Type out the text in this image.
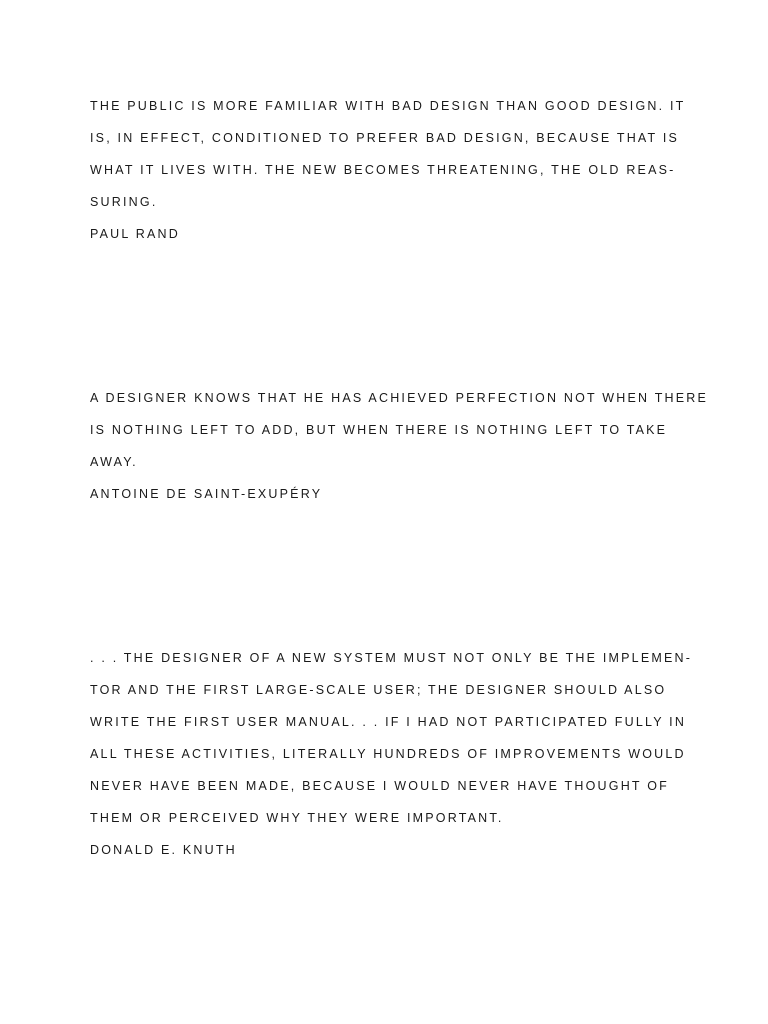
THE PUBLIC IS MORE FAMILIAR WITH BAD DESIGN THAN GOOD DESIGN. IT
IS, IN EFFECT, CONDITIONED TO PREFER BAD DESIGN, BECAUSE THAT IS
WHAT IT LIVES WITH. THE NEW BECOMES THREATENING, THE OLD REAS-
SURING.
PAUL RAND
A DESIGNER KNOWS THAT HE HAS ACHIEVED PERFECTION NOT WHEN THERE
IS NOTHING LEFT TO ADD, BUT WHEN THERE IS NOTHING LEFT TO TAKE
AWAY.
ANTOINE DE SAINT-EXUPÉRY
. . . THE DESIGNER OF A NEW SYSTEM MUST NOT ONLY BE THE IMPLEMEN-
TOR AND THE FIRST LARGE-SCALE USER; THE DESIGNER SHOULD ALSO
WRITE THE FIRST USER MANUAL. . . IF I HAD NOT PARTICIPATED FULLY IN
ALL THESE ACTIVITIES, LITERALLY HUNDREDS OF IMPROVEMENTS WOULD
NEVER HAVE BEEN MADE, BECAUSE I WOULD NEVER HAVE THOUGHT OF
THEM OR PERCEIVED WHY THEY WERE IMPORTANT.
DONALD E. KNUTH
